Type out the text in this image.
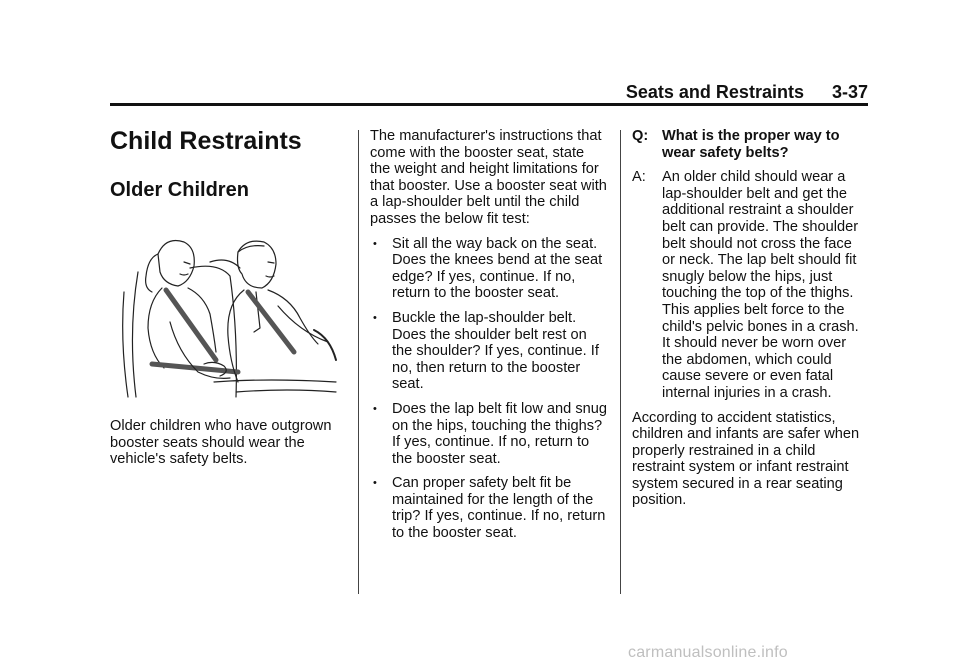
Seats and Restraints 3-37
Child Restraints
Older Children

Older children who have outgrown booster seats should wear the vehicle's safety belts.

The manufacturer's instructions that come with the booster seat, state the weight and height limitations for that booster. Use a booster seat with a lap-shoulder belt until the child passes the below fit test:

• Sit all the way back on the seat. Does the knees bend at the seat edge? If yes, continue. If no, return to the booster seat.
• Buckle the lap-shoulder belt. Does the shoulder belt rest on the shoulder? If yes, continue. If no, then return to the booster seat.
• Does the lap belt fit low and snug on the hips, touching the thighs? If yes, continue. If no, return to the booster seat.
• Can proper safety belt fit be maintained for the length of the trip? If yes, continue. If no, return to the booster seat.
Q: What is the proper way to wear safety belts?
A: An older child should wear a lap-shoulder belt and get the additional restraint a shoulder belt can provide. The shoulder belt should not cross the face or neck. The lap belt should fit snugly below the hips, just touching the top of the thighs. This applies belt force to the child's pelvic bones in a crash. It should never be worn over the abdomen, which could cause severe or even fatal internal injuries in a crash.

According to accident statistics, children and infants are safer when properly restrained in a child restraint system or infant restraint system secured in a rear seating position.

carmanualsonline.info
